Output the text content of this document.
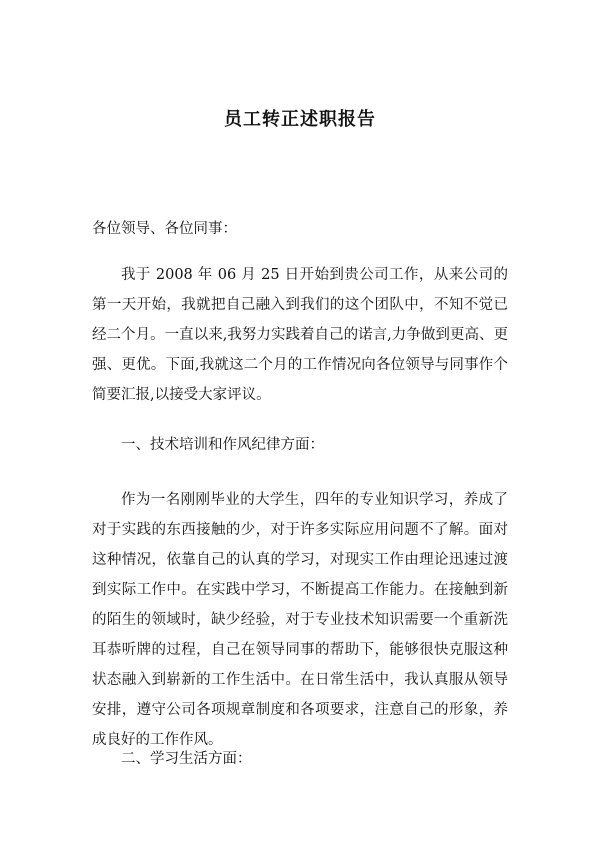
员工转正述职报告
各位领导、各位同事：

我于 2008 年 06 月 25 日开始到贵公司工作，从来公司的第一天开始，我就把自己融入到我们的这个团队中，不知不觉已经二个月。一直以来,我努力实践着自己的诺言,力争做到更高、更强、更优。下面,我就这二个月的工作情况向各位领导与同事作个简要汇报,以接受大家评议。

一、技术培训和作风纪律方面：

作为一名刚刚毕业的大学生，四年的专业知识学习，养成了对于实践的东西接触的少，对于许多实际应用问题不了解。面对这种情况，依靠自己的认真的学习，对现实工作由理论迅速过渡到实际工作中。在实践中学习，不断提高工作能力。在接触到新的陌生的领域时，缺少经验，对于专业技术知识需要一个重新洗耳恭听牌的过程，自己在领导同事的帮助下，能够很快克服这种状态融入到崭新的工作生活中。在日常生活中，我认真服从领导安排，遵守公司各项规章制度和各项要求，注意自己的形象，养成良好的工作作风。

二、学习生活方面：
